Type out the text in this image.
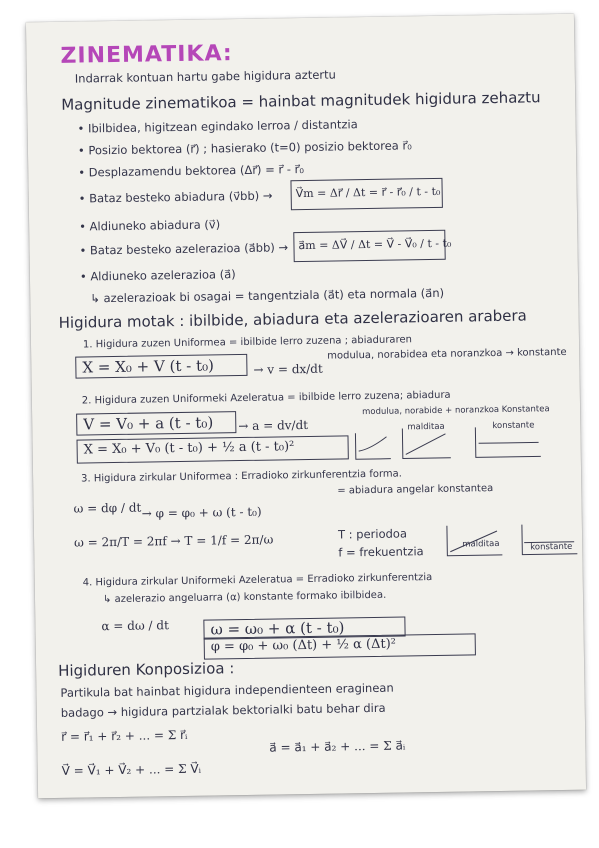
ZINEMATIKA:
Indarrak kontuan hartu gabe higidura aztertu
Magnitude zinematikoa = hainbat magnitudek higidura zehaztu
• Ibilbidea, higitzean egindako lerroa / distantzia
• Posizio bektorea (r⃗) ; hasierako (t=0) posizio bektorea r⃗₀
• Desplazamendu bektorea (Δr⃗) = r⃗ - r⃗₀
• Bataz besteko abiadura (v⃗bb) → V⃗m = Δr⃗ / Δt = r⃗ - r⃗₀ / t - t₀
• Aldiuneko abiadura (v⃗)
• Bataz besteko azelerazioa (a⃗bb) → a⃗m = ΔV⃗ / Δt = V⃗ - V⃗₀ / t - t₀
• Aldiuneko azelerazioa (a⃗)
↳ azelerazioak bi osagai = tangentziala (a⃗t) eta normala (a⃗n)
Higidura motak : ibilbide, abiadura eta azelerazioaren arabera
1. Higidura zuzen Uniformea = ibilbide lerro zuzena ; abiaduraren
modulua, norabidea eta noranzkoa → konstante
X = X₀ + V (t - t₀)	→ v = dx/dt
2. Higidura zuzen Uniformeki Azeleratua = ibilbide lerro zuzena; abiadura
modulua, norabide + noranzkoa Konstantea
V = V₀ + a (t - t₀) → a = dv/dt
X = X₀ + V₀ (t - t₀) + ½ a (t - t₀)²
malditaa	konstante
3. Higidura zirkular Uniformea : Erradioko zirkunferentzia forma.
= abiadura angelar konstantea
ω = dφ / dt → φ = φ₀ + ω (t - t₀)
ω = 2π/T = 2πf → T = 1/f = 2π/ω	T : periodoa
f = frekuentzia	malditaa	konstante
4. Higidura zirkular Uniformeki Azeleratua = Erradioko zirkunferentzia
↳ azelerazio angeluarra (α) konstante formako ibilbidea.
α = dω / dt	ω = ω₀ + α (t - t₀)
φ = φ₀ + ω₀ (Δt) + ½ α (Δt)²
Higiduren Konposizioa :
Partikula bat hainbat higidura independienteen eraginean
badago → higidura partzialak bektorialki batu behar dira
r⃗ = r⃗₁ + r⃗₂ + ... = Σ r⃗ᵢ
a⃗ = a⃗₁ + a⃗₂ + ... = Σ a⃗ᵢ
V⃗ = V⃗₁ + V⃗₂ + ... = Σ V⃗ᵢ
